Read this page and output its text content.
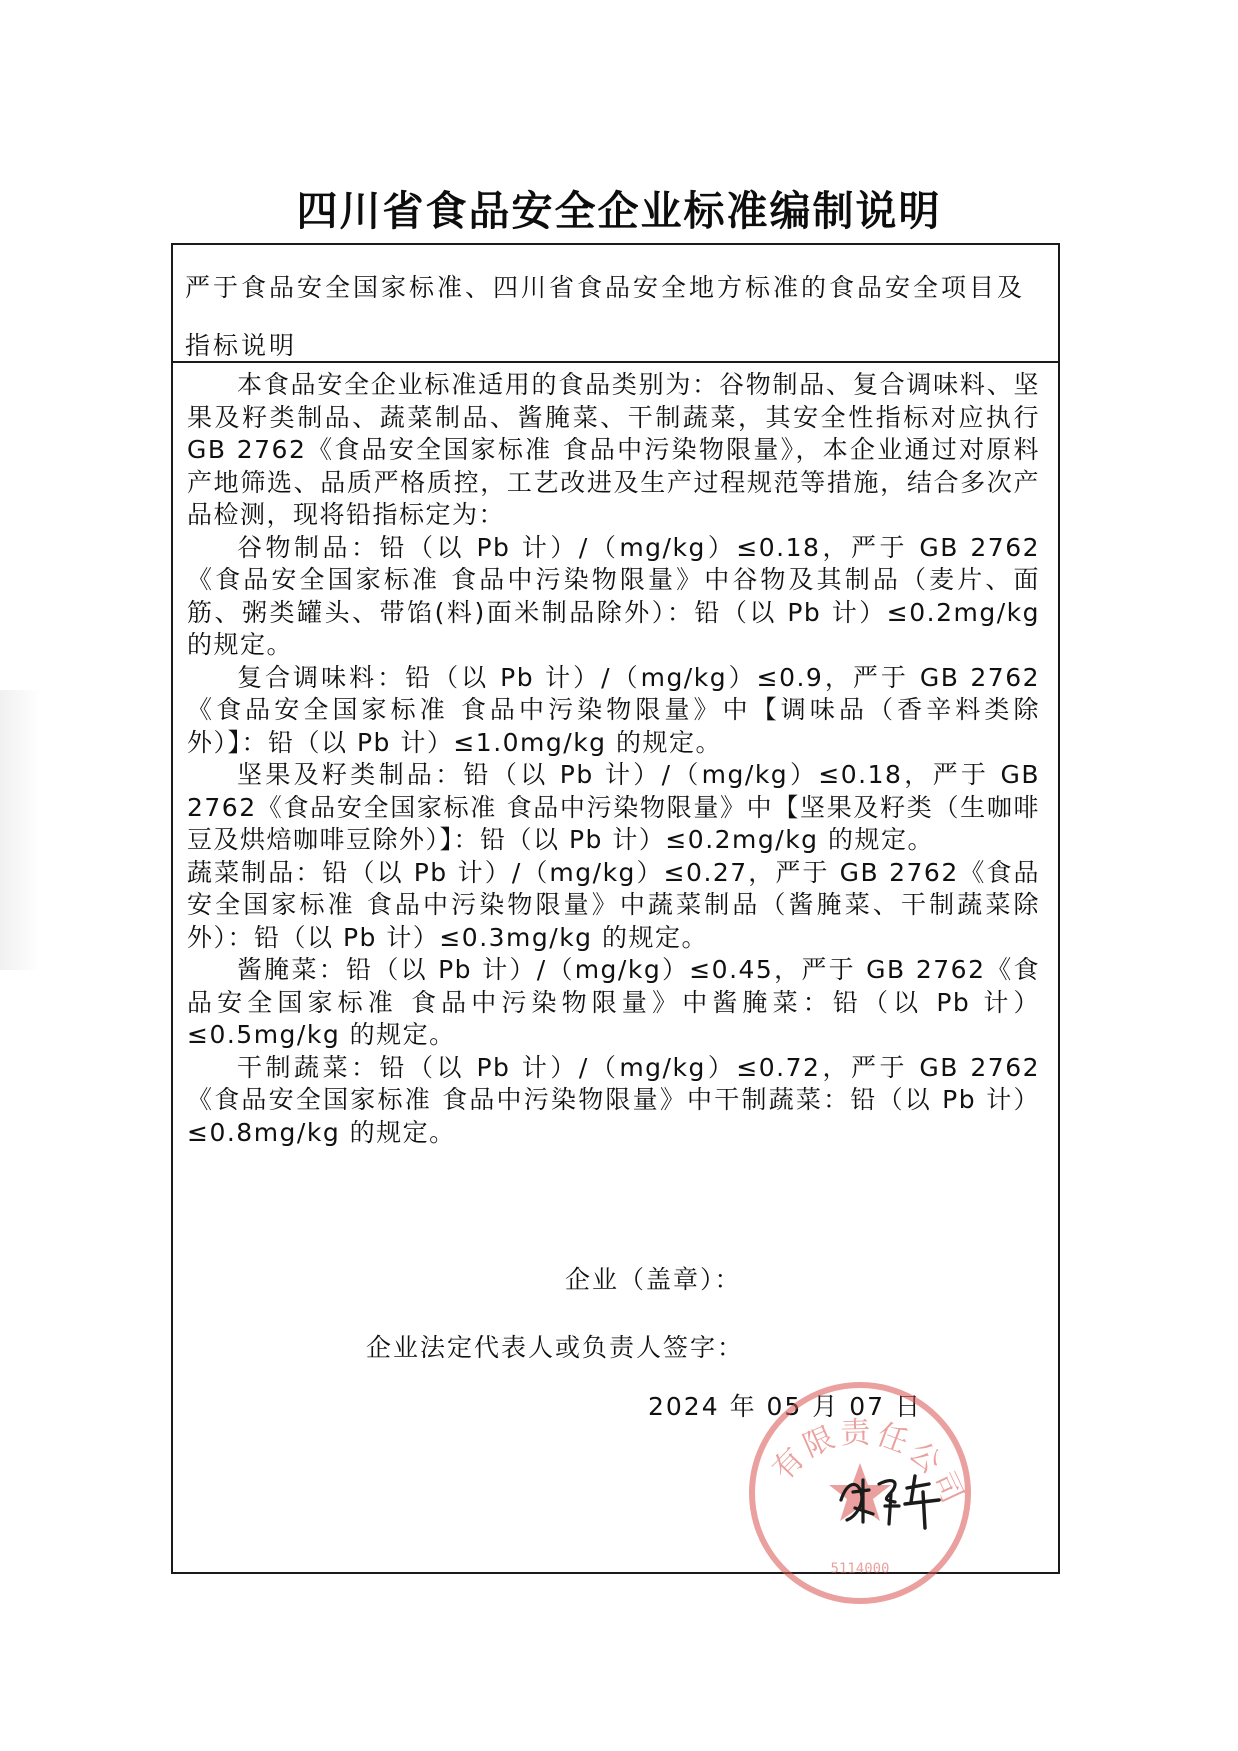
四川省食品安全企业标准编制说明
严于食品安全国家标准、四川省食品安全地方标准的食品安全项目及指标说明

本食品安全企业标准适用的食品类别为：谷物制品、复合调味料、坚果及籽类制品、蔬菜制品、酱腌菜、干制蔬菜，其安全性指标对应执行 GB 2762《食品安全国家标准 食品中污染物限量》，本企业通过对原料产地筛选、品质严格质控，工艺改进及生产过程规范等措施，结合多次产品检测，现将铅指标定为：

谷物制品：铅（以 Pb 计）/（mg/kg）≤0.18，严于 GB 2762《食品安全国家标准 食品中污染物限量》中谷物及其制品（麦片、面筋、粥类罐头、带馅(料)面米制品除外）：铅（以 Pb 计）≤0.2mg/kg 的规定。

复合调味料：铅（以 Pb 计）/（mg/kg）≤0.9，严于 GB 2762《食品安全国家标准 食品中污染物限量》中【调味品（香辛料类除外）】：铅（以 Pb 计）≤1.0mg/kg 的规定。

坚果及籽类制品：铅（以 Pb 计）/（mg/kg）≤0.18，严于 GB 2762《食品安全国家标准 食品中污染物限量》中【坚果及籽类（生咖啡豆及烘焙咖啡豆除外）】：铅（以 Pb 计）≤0.2mg/kg 的规定。

蔬菜制品：铅（以 Pb 计）/（mg/kg）≤0.27，严于 GB 2762《食品安全国家标准 食品中污染物限量》中蔬菜制品（酱腌菜、干制蔬菜除外）：铅（以 Pb 计）≤0.3mg/kg 的规定。

酱腌菜：铅（以 Pb 计）/（mg/kg）≤0.45，严于 GB 2762《食品安全国家标准 食品中污染物限量》中酱腌菜：铅（以 Pb 计）≤0.5mg/kg 的规定。

干制蔬菜：铅（以 Pb 计）/（mg/kg）≤0.72，严于 GB 2762《食品安全国家标准 食品中污染物限量》中干制蔬菜：铅（以 Pb 计）≤0.8mg/kg 的规定。

企业（盖章）：
企业法定代表人或负责人签字：
2024 年 05 月 07 日
有限责任公司
5114000
